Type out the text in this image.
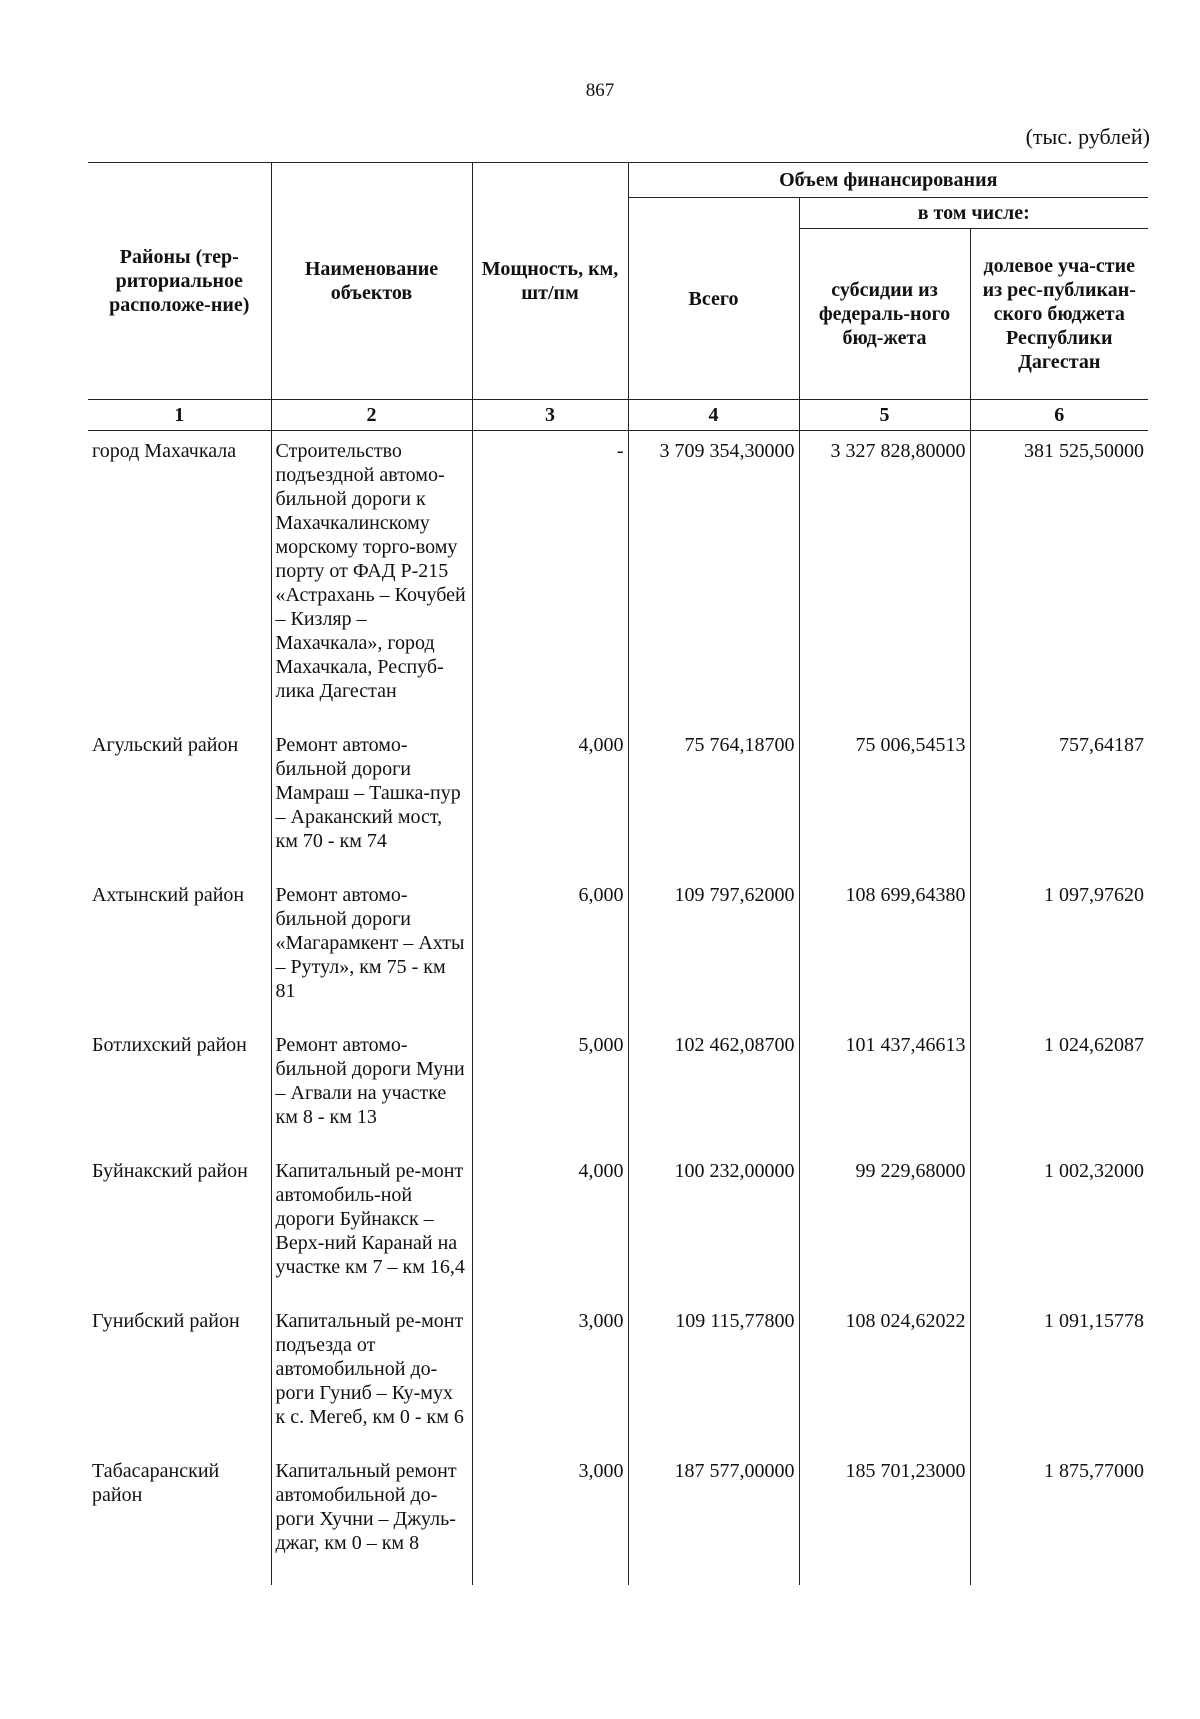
867
(тыс. рублей)
Районы (тер-риториальное расположе-ние)	Наименование объектов	Мощность, км, шт/пм	Объем финансирования		
			Всего	в том числе:	
				субсидии из федераль-ного бюд-жета	долевое уча-стие из рес-публикан-ского бюджета Республики Дагестан
1	2	3	4	5	6
город Махачкала	Строительство подъездной автомо-бильной дороги к Махачкалинскому морскому торго-вому порту от ФАД Р-215 «Астрахань – Кочубей – Кизляр – Махачкала», город Махачкала, Респуб-лика Дагестан	-	3 709 354,30000	3 327 828,80000	381 525,50000
Агульский район	Ремонт автомо-бильной дороги Мамраш – Ташка-пур – Араканский мост, км 70 - км 74	4,000	75 764,18700	75 006,54513	757,64187
Ахтынский район	Ремонт автомо-бильной дороги «Магарамкент – Ахты – Рутул», км 75 - км 81	6,000	109 797,62000	108 699,64380	1 097,97620
Ботлихский район	Ремонт автомо-бильной дороги Муни – Агвали на участке км 8 - км 13	5,000	102 462,08700	101 437,46613	1 024,62087
Буйнакский район	Капитальный ре-монт автомобиль-ной дороги Буйнакск – Верх-ний Каранай на участке км 7 – км 16,4	4,000	100 232,00000	99 229,68000	1 002,32000
Гунибский район	Капитальный ре-монт подъезда от автомобильной до-роги Гуниб – Ку-мух к с. Мегеб, км 0 - км 6	3,000	109 115,77800	108 024,62022	1 091,15778
Табасаранский район	Капитальный ремонт автомобильной до-роги Хучни – Джуль-джаг, км 0 – км 8	3,000	187 577,00000	185 701,23000	1 875,77000
